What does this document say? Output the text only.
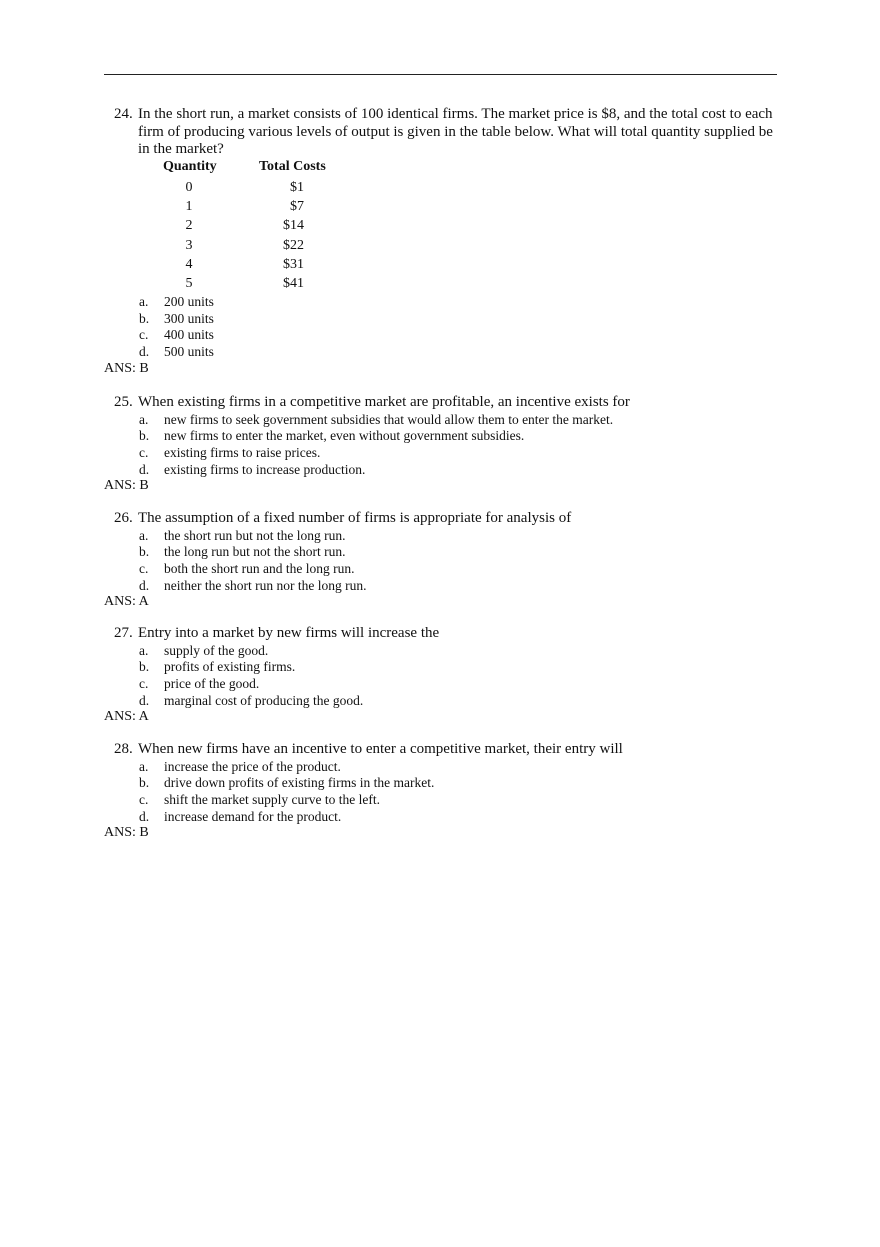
24. In the short run, a market consists of 100 identical firms. The market price is $8, and the total cost to each firm of producing various levels of output is given in the table below. What will total quantity supplied be in the market?
Quantity	Total Costs
0	$1
1	$7
2	$14
3	$22
4	$31
5	$41
a. 200 units
b. 300 units
c. 400 units
d. 500 units
ANS: B
25. When existing firms in a competitive market are profitable, an incentive exists for
a. new firms to seek government subsidies that would allow them to enter the market.
b. new firms to enter the market, even without government subsidies.
c. existing firms to raise prices.
d. existing firms to increase production.
ANS: B
26. The assumption of a fixed number of firms is appropriate for analysis of
a. the short run but not the long run.
b. the long run but not the short run.
c. both the short run and the long run.
d. neither the short run nor the long run.
ANS: A
27. Entry into a market by new firms will increase the
a. supply of the good.
b. profits of existing firms.
c. price of the good.
d. marginal cost of producing the good.
ANS: A
28. When new firms have an incentive to enter a competitive market, their entry will
a. increase the price of the product.
b. drive down profits of existing firms in the market.
c. shift the market supply curve to the left.
d. increase demand for the product.
ANS: B
